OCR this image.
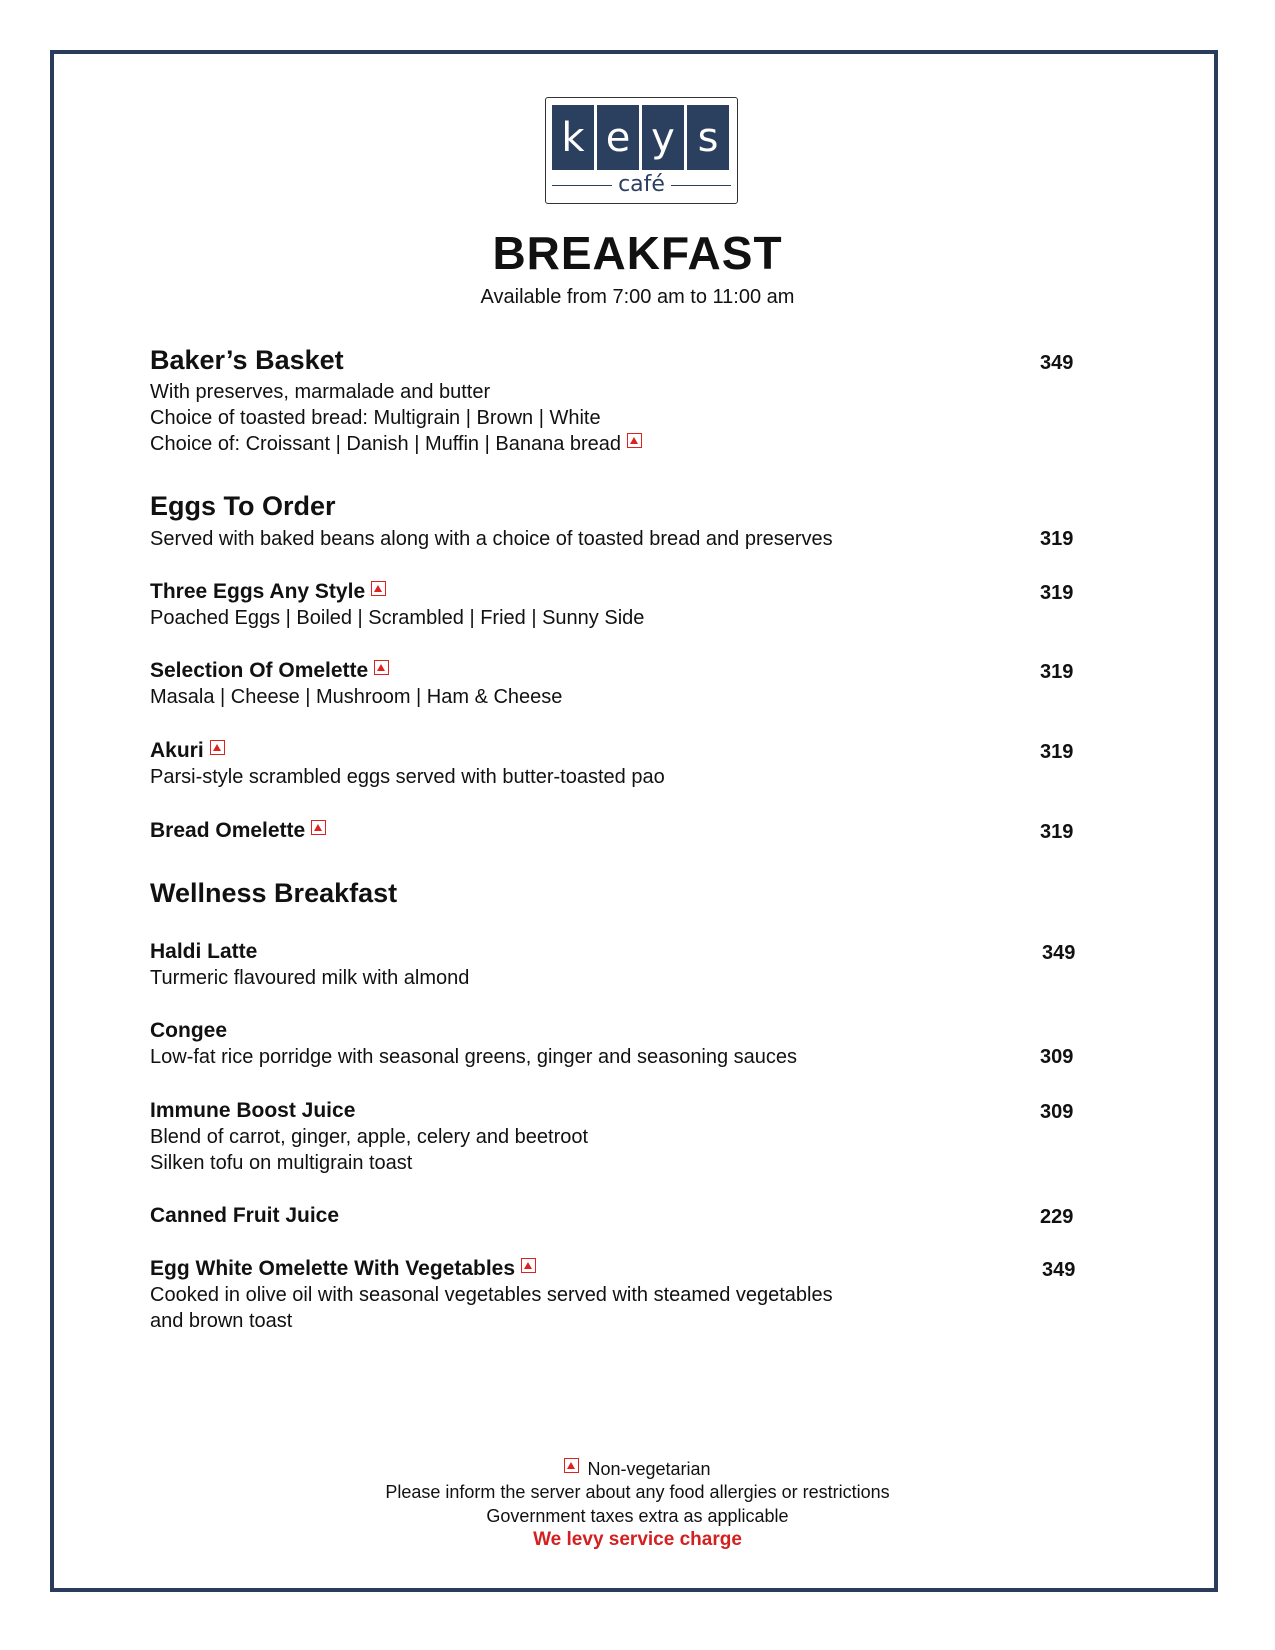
k e y s
café
BREAKFAST
Available from 7:00 am to 11:00 am
Baker’s Basket	349
With preserves, marmalade and butter
Choice of toasted bread: Multigrain | Brown | White
Choice of: Croissant | Danish | Muffin | Banana bread
Eggs To Order
Served with baked beans along with a choice of toasted bread and preserves	319
Three Eggs Any Style	319
Poached Eggs | Boiled | Scrambled | Fried | Sunny Side
Selection Of Omelette	319
Masala | Cheese | Mushroom | Ham & Cheese
Akuri	319
Parsi-style scrambled eggs served with butter-toasted pao
Bread Omelette	319
Wellness Breakfast
Haldi Latte	349
Turmeric flavoured milk with almond
Congee
Low-fat rice porridge with seasonal greens, ginger and seasoning sauces	309
Immune Boost Juice	309
Blend of carrot, ginger, apple, celery and beetroot
Silken tofu on multigrain toast
Canned Fruit Juice	229
Egg White Omelette With Vegetables	349
Cooked in olive oil with seasonal vegetables served with steamed vegetables
and brown toast
Non-vegetarian
Please inform the server about any food allergies or restrictions
Government taxes extra as applicable
We levy service charge
